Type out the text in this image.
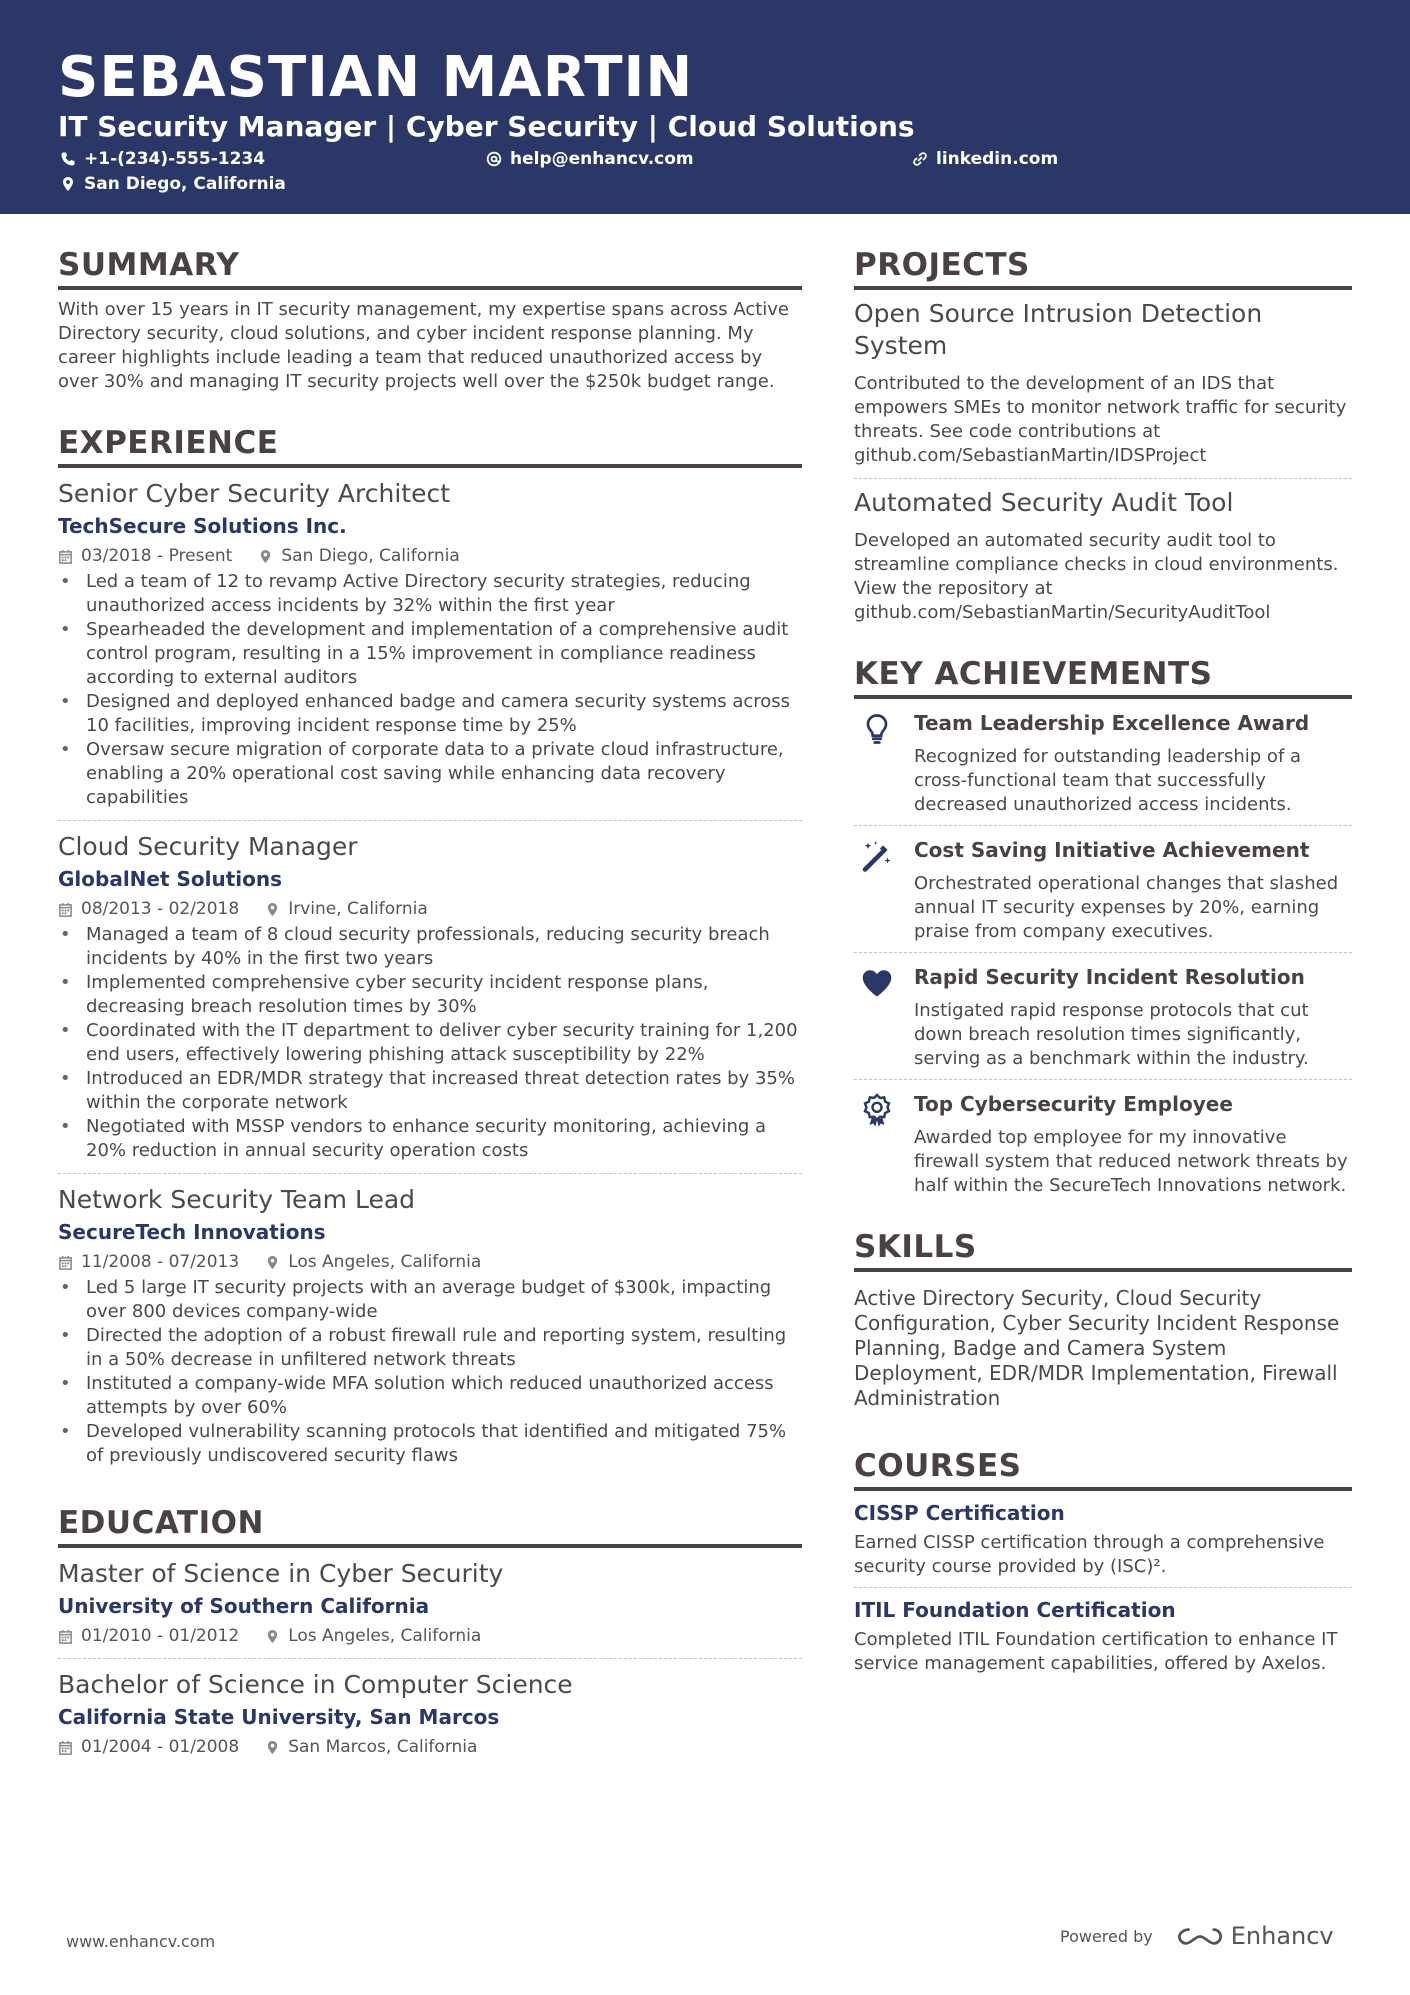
SEBASTIAN MARTIN
IT Security Manager | Cyber Security | Cloud Solutions
+1-(234)-555-1234	help@enhancv.com	linkedin.com
San Diego, California
SUMMARY

With over 15 years in IT security management, my expertise spans across Active Directory security, cloud solutions, and cyber incident response planning. My career highlights include leading a team that reduced unauthorized access by over 30% and managing IT security projects well over the $250k budget range.

EXPERIENCE
Senior Cyber Security Architect
TechSecure Solutions Inc.
03/2018 - Present	San Diego, California
• Led a team of 12 to revamp Active Directory security strategies, reducing unauthorized access incidents by 32% within the first year
• Spearheaded the development and implementation of a comprehensive audit control program, resulting in a 15% improvement in compliance readiness according to external auditors
• Designed and deployed enhanced badge and camera security systems across 10 facilities, improving incident response time by 25%
• Oversaw secure migration of corporate data to a private cloud infrastructure, enabling a 20% operational cost saving while enhancing data recovery capabilities
Cloud Security Manager
GlobalNet Solutions
08/2013 - 02/2018	Irvine, California
• Managed a team of 8 cloud security professionals, reducing security breach incidents by 40% in the first two years
• Implemented comprehensive cyber security incident response plans, decreasing breach resolution times by 30%
• Coordinated with the IT department to deliver cyber security training for 1,200 end users, effectively lowering phishing attack susceptibility by 22%
• Introduced an EDR/MDR strategy that increased threat detection rates by 35% within the corporate network
• Negotiated with MSSP vendors to enhance security monitoring, achieving a 20% reduction in annual security operation costs
Network Security Team Lead
SecureTech Innovations
11/2008 - 07/2013	Los Angeles, California
• Led 5 large IT security projects with an average budget of $300k, impacting over 800 devices company-wide
• Directed the adoption of a robust firewall rule and reporting system, resulting in a 50% decrease in unfiltered network threats
• Instituted a company-wide MFA solution which reduced unauthorized access attempts by over 60%
• Developed vulnerability scanning protocols that identified and mitigated 75% of previously undiscovered security flaws
EDUCATION
Master of Science in Cyber Security
University of Southern California
01/2010 - 01/2012	Los Angeles, California
Bachelor of Science in Computer Science
California State University, San Marcos
01/2004 - 01/2008	San Marcos, California
PROJECTS
Open Source Intrusion Detection System

Contributed to the development of an IDS that empowers SMEs to monitor network traffic for security threats. See code contributions at github.com/SebastianMartin/IDSProject

Automated Security Audit Tool

Developed an automated security audit tool to streamline compliance checks in cloud environments. View the repository at github.com/SebastianMartin/SecurityAuditTool

KEY ACHIEVEMENTS
Team Leadership Excellence Award

Recognized for outstanding leadership of a cross-functional team that successfully decreased unauthorized access incidents.

Cost Saving Initiative Achievement

Orchestrated operational changes that slashed annual IT security expenses by 20%, earning praise from company executives.

Rapid Security Incident Resolution

Instigated rapid response protocols that cut down breach resolution times significantly, serving as a benchmark within the industry.

Top Cybersecurity Employee

Awarded top employee for my innovative firewall system that reduced network threats by half within the SecureTech Innovations network.

SKILLS

Active Directory Security, Cloud Security Configuration, Cyber Security Incident Response Planning, Badge and Camera System Deployment, EDR/MDR Implementation, Firewall Administration

COURSES
CISSP Certification

Earned CISSP certification through a comprehensive security course provided by (ISC)².

ITIL Foundation Certification

Completed ITIL Foundation certification to enhance IT service management capabilities, offered by Axelos.

www.enhancv.com	Powered by	Enhancv
